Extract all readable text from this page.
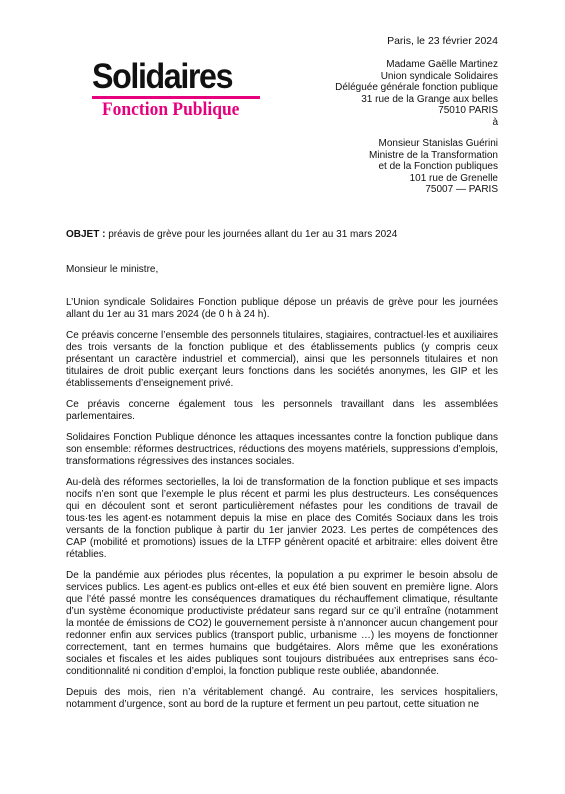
Solidaires
Fonction Publique
Paris, le 23 février 2024
Madame Gaëlle Martinez
Union syndicale Solidaires
Déléguée générale fonction publique
31 rue de la Grange aux belles
75010 PARIS
à
Monsieur Stanislas Guérini
Ministre de la Transformation
et de la Fonction publiques
101 rue de Grenelle
75007 — PARIS
OBJET : préavis de grève pour les journées allant du 1er au 31 mars 2024
Monsieur le ministre,

L’Union syndicale Solidaires Fonction publique dépose un préavis de grève pour les journées allant du 1er au 31 mars 2024 (de 0 h à 24 h).

Ce préavis concerne l’ensemble des personnels titulaires, stagiaires, contractuel·les et auxiliaires des trois versants de la fonction publique et des établissements publics (y compris ceux présentant un caractère industriel et commercial), ainsi que les personnels titulaires et non titulaires de droit public exerçant leurs fonctions dans les sociétés anonymes, les GIP et les établissements d’enseignement privé.

Ce préavis concerne également tous les personnels travaillant dans les assemblées parlementaires.

Solidaires Fonction Publique dénonce les attaques incessantes contre la fonction publique dans son ensemble: réformes destructrices, réductions des moyens matériels, suppressions d’emplois, transformations régressives des instances sociales.

Au-delà des réformes sectorielles, la loi de transformation de la fonction publique et ses impacts nocifs n’en sont que l’exemple le plus récent et parmi les plus destructeurs. Les conséquences qui en découlent sont et seront particulièrement néfastes pour les conditions de travail de tous·tes les agent·es notamment depuis la mise en place des Comités Sociaux dans les trois versants de la fonction publique à partir du 1er janvier 2023. Les pertes de compétences des CAP (mobilité et promotions) issues de la LTFP génèrent opacité et arbitraire: elles doivent être rétablies.

De la pandémie aux périodes plus récentes, la population a pu exprimer le besoin absolu de services publics. Les agent·es publics ont-elles et eux été bien souvent en première ligne. Alors que l’été passé montre les conséquences dramatiques du réchauffement climatique, résultante d’un système économique productiviste prédateur sans regard sur ce qu’il entraîne (notamment la montée de émissions de CO2) le gouvernement persiste à n’annoncer aucun changement pour redonner enfin aux services publics (transport public, urbanisme …) les moyens de fonctionner correctement, tant en termes humains que budgétaires. Alors même que les exonérations sociales et fiscales et les aides publiques sont toujours distribuées aux entreprises sans éco-conditionnalité ni condition d’emploi, la fonction publique reste oubliée, abandonnée.

Depuis des mois, rien n’a véritablement changé. Au contraire, les services hospitaliers, notamment d’urgence, sont au bord de la rupture et ferment un peu partout, cette situation ne
